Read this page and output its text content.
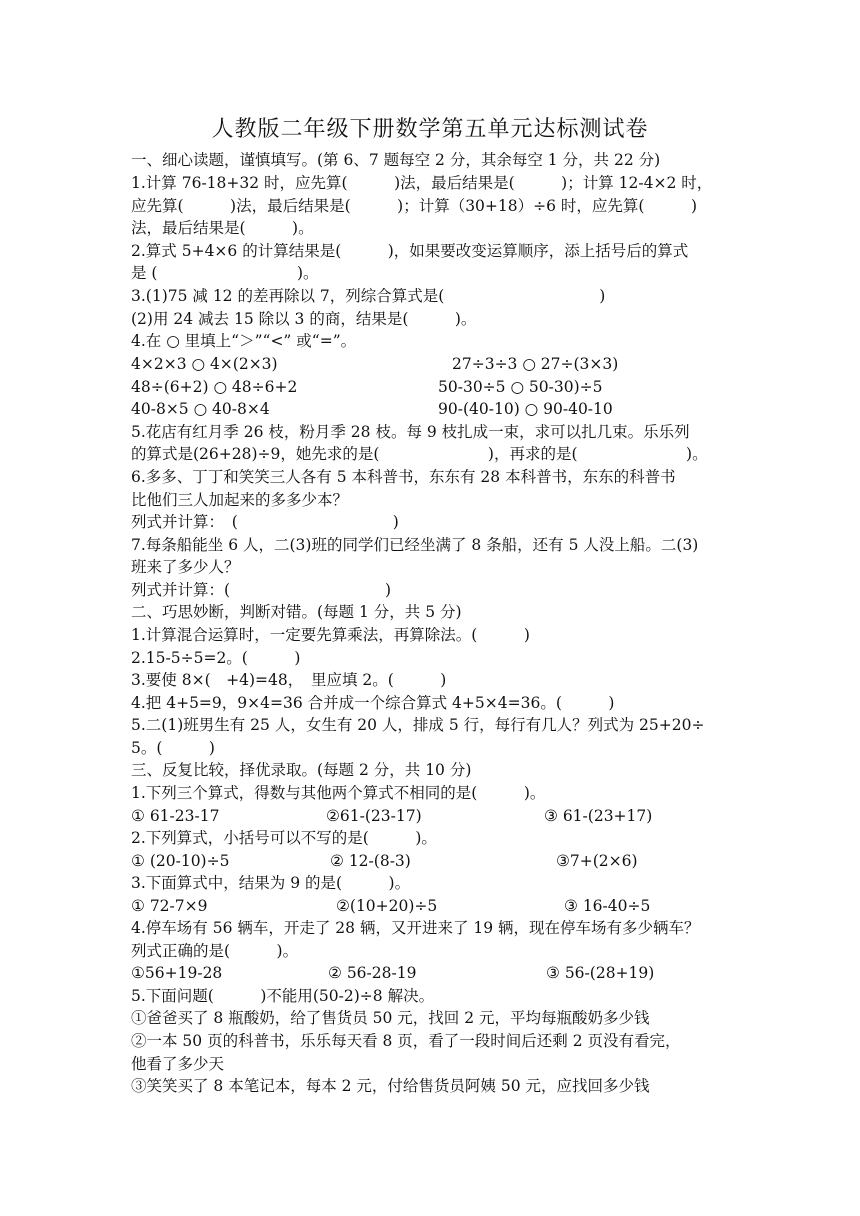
人教版二年级下册数学第五单元达标测试卷
一、细心读题，谨慎填写。(第 6、7 题每空 2 分，其余每空 1 分，共 22 分)
1.计算 76-18+32 时，应先算(　　　)法，最后结果是(　　　)；计算 12-4×2 时，
应先算(　　　)法，最后结果是(　　　)；计算（30+18）÷6 时，应先算(　　　)
法，最后结果是(　　　)。
2.算式 5+4×6 的计算结果是(　　　)，如果要改变运算顺序，添上括号后的算式
是 (　　　　　　　　　)。
3.(1)75 减 12 的差再除以 7，列综合算式是(　　　　　　　　　　)
(2)用 24 减去 15 除以 3 的商，结果是(　　　)。
4.在 ○ 里填上“＞”“<” 或“=”。
4×2×3 ○ 4×(2×3)	27÷3÷3 ○ 27÷(3×3)
48÷(6+2) ○ 48÷6+2	50-30÷5 ○ 50-30)÷5
40-8×5 ○ 40-8×4	90-(40-10) ○ 90-40-10
5.花店有红月季 26 枝，粉月季 28 枝。每 9 枝扎成一束，求可以扎几束。乐乐列
的算式是(26+28)÷9，她先求的是(　　　　　　　)，再求的是(　　　　　　　)。
6.多多、丁丁和笑笑三人各有 5 本科普书，东东有 28 本科普书，东东的科普书
比他们三人加起来的多多少本？
列式并计算：　(　　　　　　　　　　)
7.每条船能坐 6 人，二(3)班的同学们已经坐满了 8 条船，还有 5 人没上船。二(3)
班来了多少人？
列式并计算：(　　　　　　　　　　)
二、巧思妙断，判断对错。(每题 1 分，共 5 分)
1.计算混合运算时，一定要先算乘法，再算除法。(　　　)
2.15-5÷5=2。(　　　)
3.要使 8×(　+4)=48，　里应填 2。(　　　)
4.把 4+5=9，9×4=36 合并成一个综合算式 4+5×4=36。(　　　)
5.二(1)班男生有 25 人，女生有 20 人，排成 5 行，每行有几人？列式为 25+20÷
5。(　　　)
三、反复比较，择优录取。(每题 2 分，共 10 分)
1.下列三个算式，得数与其他两个算式不相同的是(　　　)。
① 61-23-17	②61-(23-17)	③ 61-(23+17)
2.下列算式，小括号可以不写的是(　　　)。
① (20-10)÷5	② 12-(8-3)	③7+(2×6)
3.下面算式中，结果为 9 的是(　　　)。
① 72-7×9	②(10+20)÷5	③ 16-40÷5
4.停车场有 56 辆车，开走了 28 辆，又开进来了 19 辆，现在停车场有多少辆车？
列式正确的是(　　　)。
①56+19-28	② 56-28-19	③ 56-(28+19)
5.下面问题(　　　)不能用(50-2)÷8 解决。
①爸爸买了 8 瓶酸奶，给了售货员 50 元，找回 2 元，平均每瓶酸奶多少钱
②一本 50 页的科普书，乐乐每天看 8 页，看了一段时间后还剩 2 页没有看完，
他看了多少天
③笑笑买了 8 本笔记本，每本 2 元，付给售货员阿姨 50 元，应找回多少钱
